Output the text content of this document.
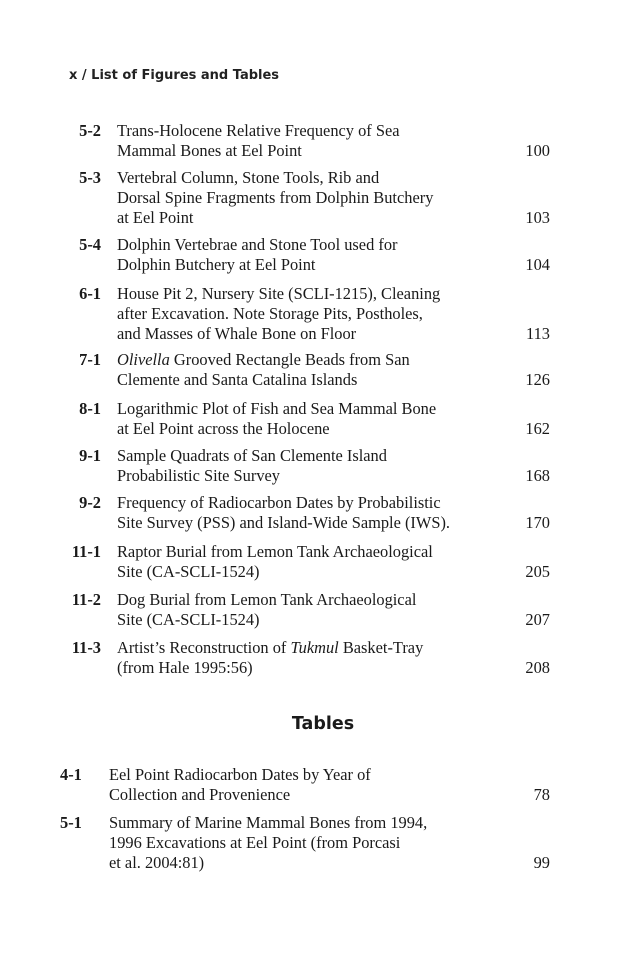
x / List of Figures and Tables
5-2 Trans-Holocene Relative Frequency of Sea
Mammal Bones at Eel Point	100
5-3 Vertebral Column, Stone Tools, Rib and
Dorsal Spine Fragments from Dolphin Butchery
at Eel Point	103
5-4 Dolphin Vertebrae and Stone Tool used for
Dolphin Butchery at Eel Point	104
6-1 House Pit 2, Nursery Site (SCLI-1215), Cleaning
after Excavation. Note Storage Pits, Postholes,
and Masses of Whale Bone on Floor	113
7-1 Olivella Grooved Rectangle Beads from San
Clemente and Santa Catalina Islands	126
8-1 Logarithmic Plot of Fish and Sea Mammal Bone
at Eel Point across the Holocene	162
9-1 Sample Quadrats of San Clemente Island
Probabilistic Site Survey	168
9-2 Frequency of Radiocarbon Dates by Probabilistic
Site Survey (PSS) and Island-Wide Sample (IWS).	170
11-1 Raptor Burial from Lemon Tank Archaeological
Site (CA-SCLI-1524)	205
11-2 Dog Burial from Lemon Tank Archaeological
Site (CA-SCLI-1524)	207
11-3 Artist’s Reconstruction of Tukmul Basket-Tray
(from Hale 1995:56)	208
Tables
4-1 Eel Point Radiocarbon Dates by Year of
Collection and Provenience	78
5-1 Summary of Marine Mammal Bones from 1994,
1996 Excavations at Eel Point (from Porcasi
et al. 2004:81)	99
